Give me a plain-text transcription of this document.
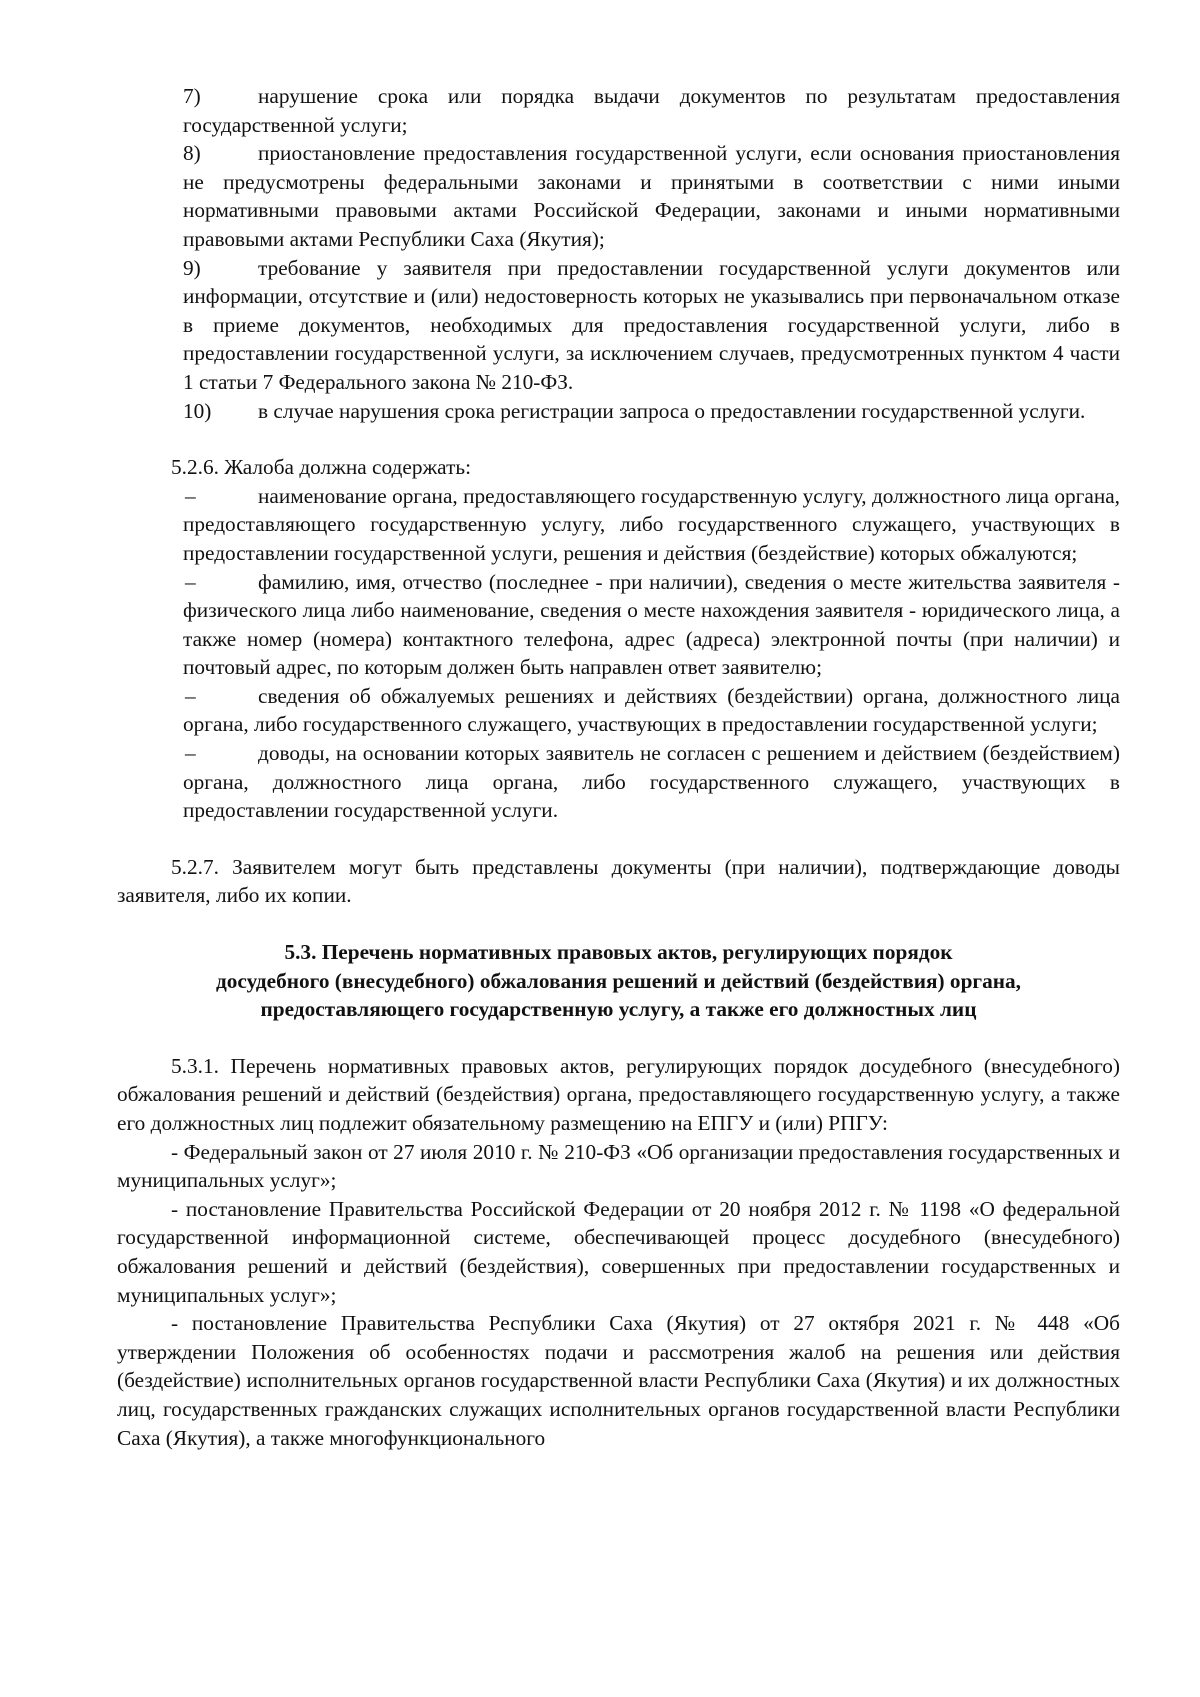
7)	нарушение срока или порядка выдачи документов по результатам предоставления государственной услуги;

8)	приостановление предоставления государственной услуги, если основания приостановления не предусмотрены федеральными законами и принятыми в соответствии с ними иными нормативными правовыми актами Российской Федерации, законами и иными нормативными правовыми актами Республики Саха (Якутия);

9)	требование у заявителя при предоставлении государственной услуги документов или информации, отсутствие и (или) недостоверность которых не указывались при первоначальном отказе в приеме документов, необходимых для предоставления государственной услуги, либо в предоставлении государственной услуги, за исключением случаев, предусмотренных пунктом 4 части 1 статьи 7 Федерального закона № 210-ФЗ.

10) в случае нарушения срока регистрации запроса о предоставлении государственной услуги.

5.2.6. Жалоба должна содержать:

–	наименование органа, предоставляющего государственную услугу, должностного лица органа, предоставляющего государственную услугу, либо государственного служащего, участвующих в предоставлении государственной услуги, решения и действия (бездействие) которых обжалуются;

–	фамилию, имя, отчество (последнее - при наличии), сведения о месте жительства заявителя - физического лица либо наименование, сведения о месте нахождения заявителя - юридического лица, а также номер (номера) контактного телефона, адрес (адреса) электронной почты (при наличии) и почтовый адрес, по которым должен быть направлен ответ заявителю;

–	сведения об обжалуемых решениях и действиях (бездействии) органа, должностного лица органа, либо государственного служащего, участвующих в предоставлении государственной услуги;

–	доводы, на основании которых заявитель не согласен с решением и действием (бездействием) органа, должностного лица органа, либо государственного служащего, участвующих в предоставлении государственной услуги.

5.2.7. Заявителем могут быть представлены документы (при наличии), подтверждающие доводы заявителя, либо их копии.

5.3. Перечень нормативных правовых актов, регулирующих порядок
досудебного (внесудебного) обжалования решений и действий (бездействия) органа,
предоставляющего государственную услугу, а также его должностных лиц

5.3.1. Перечень нормативных правовых актов, регулирующих порядок досудебного (внесудебного) обжалования решений и действий (бездействия) органа, предоставляющего государственную услугу, а также его должностных лиц подлежит обязательному размещению на ЕПГУ и (или) РПГУ:

- Федеральный закон от 27 июля 2010 г. № 210-ФЗ «Об организации предоставления государственных и муниципальных услуг»;

- постановление Правительства Российской Федерации от 20 ноября 2012 г. № 1198 «О федеральной государственной информационной системе, обеспечивающей процесс досудебного (внесудебного) обжалования решений и действий (бездействия), совершенных при предоставлении государственных и муниципальных услуг»;

- постановление Правительства Республики Саха (Якутия) от 27 октября 2021 г. № 448 «Об утверждении Положения об особенностях подачи и рассмотрения жалоб на решения или действия (бездействие) исполнительных органов государственной власти Республики Саха (Якутия) и их должностных лиц, государственных гражданских служащих исполнительных органов государственной власти Республики Саха (Якутия), а также многофункционального
